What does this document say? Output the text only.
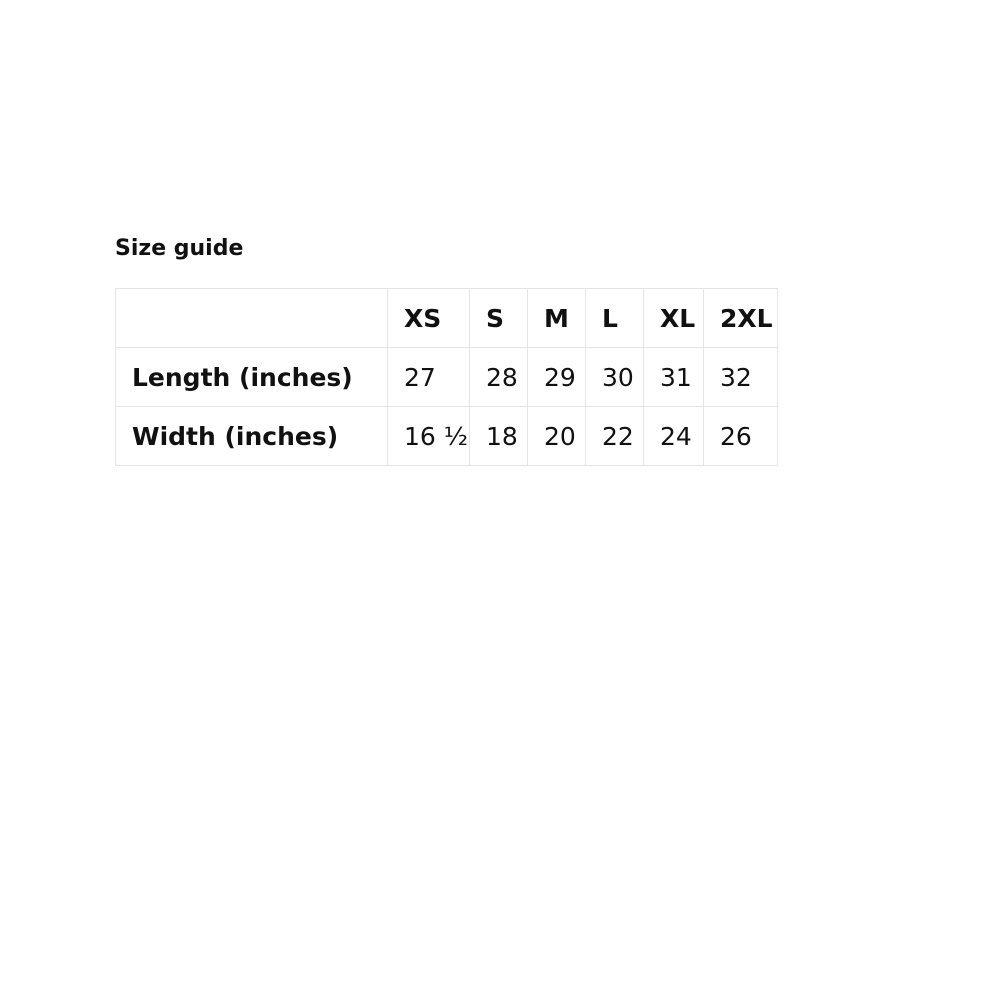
Size guide
	XS	S	M	L	XL	2XL
Length (inches)	27	28	29	30	31	32
Width (inches)	16 ½	18	20	22	24	26
